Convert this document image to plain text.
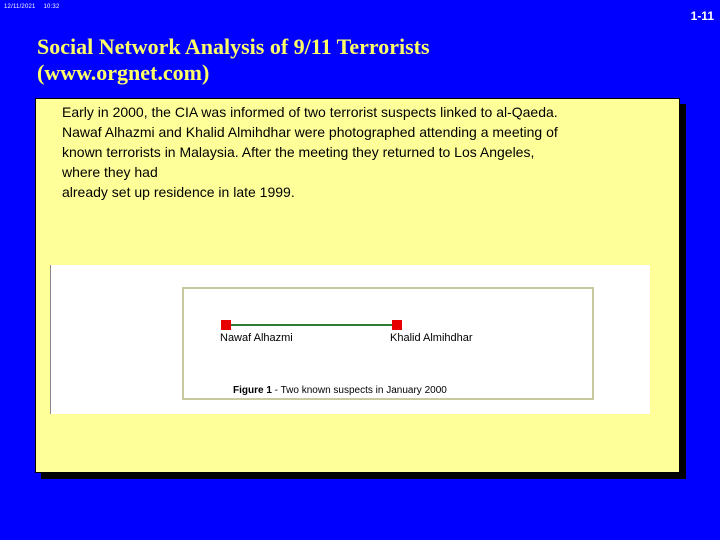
12/11/2021 10:32
1-11
Social Network Analysis of 9/11 Terrorists
(www.orgnet.com)
Early in 2000, the CIA was informed of two terrorist suspects linked to al-Qaeda.
Nawaf Alhazmi and Khalid Almihdhar were photographed attending a meeting of
known terrorists in Malaysia. After the meeting they returned to Los Angeles,
where they had
already set up residence in late 1999.
Nawaf Alhazmi	Khalid Almihdhar
Figure 1 - Two known suspects in January 2000
